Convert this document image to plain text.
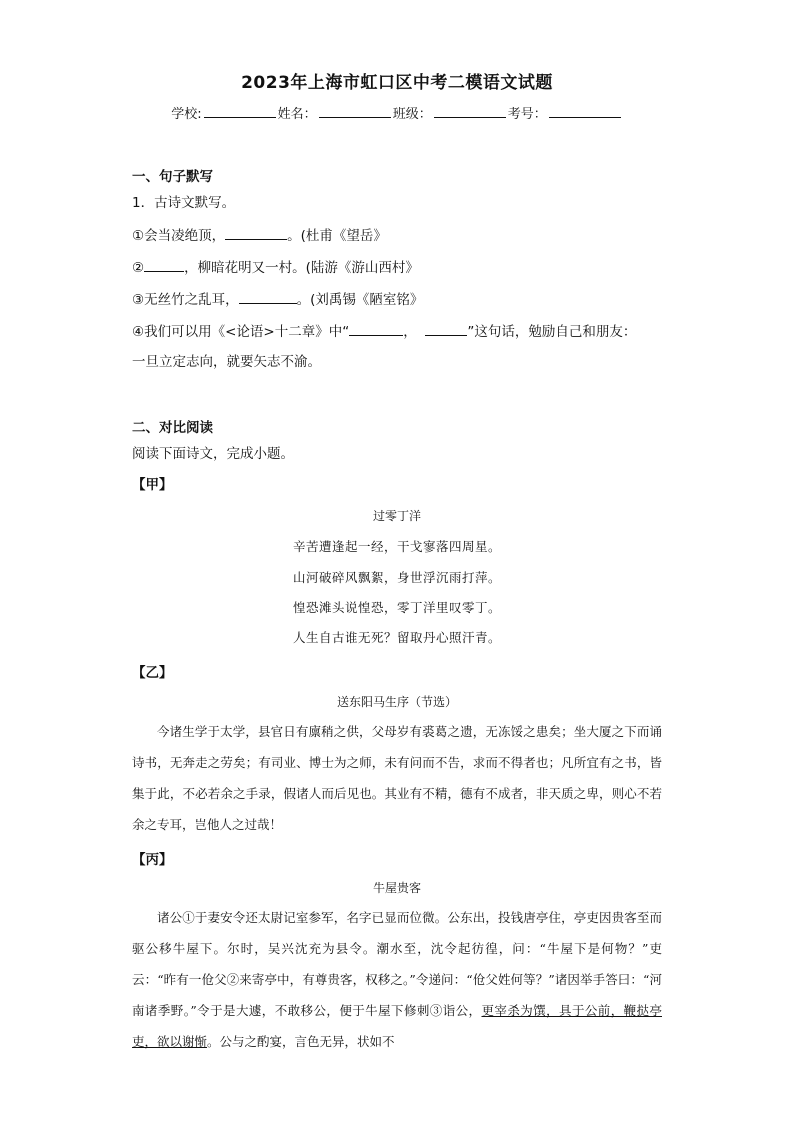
2023年上海市虹口区中考二模语文试题
学校:	姓名：	班级：	考号：
一、句子默写
1．古诗文默写。
①会当凌绝顶，	。(杜甫《望岳》
②	，柳暗花明又一村。(陆游《游山西村》
③无丝竹之乱耳，	。(刘禹锡《陋室铭》
④我们可以用《<论语>十二章》中“	，	”这句话，勉励自己和朋友：
一旦立定志向，就要矢志不渝。
二、对比阅读
阅读下面诗文，完成小题。
【甲】
过零丁洋
辛苦遭逢起一经，干戈寥落四周星。
山河破碎风飘絮，身世浮沉雨打萍。
惶恐滩头说惶恐，零丁洋里叹零丁。
人生自古谁无死？留取丹心照汗青。
【乙】
送东阳马生序（节选）
今诸生学于太学，县官日有廪稍之供，父母岁有裘葛之遗，无冻馁之患矣；坐大厦之下而诵诗书，无奔走之劳矣；有司业、博士为之师，未有问而不告，求而不得者也；凡所宜有之书，皆集于此，不必若余之手录，假诸人而后见也。其业有不精，德有不成者，非天质之卑，则心不若余之专耳，岂他人之过哉！
【丙】
牛屋贵客
诸公①于妻安令还太尉记室参军，名字已显而位微。公东出，投钱唐亭住，亭吏因贵客至而驱公移牛屋下。尔时，吴兴沈充为县令。潮水至，沈令起彷徨，问：“牛屋下是何物？”吏云：“昨有一伧父②来寄亭中，有尊贵客，权移之。”令递问：“伧父姓何等？”诸因举手答曰：“河南诸季野。”令于是大遽，不敢移公，便于牛屋下修刺③诣公，更宰杀为馔，具于公前，鞭挞亭吏，欲以谢惭。公与之酌宴，言色无异，状如不
